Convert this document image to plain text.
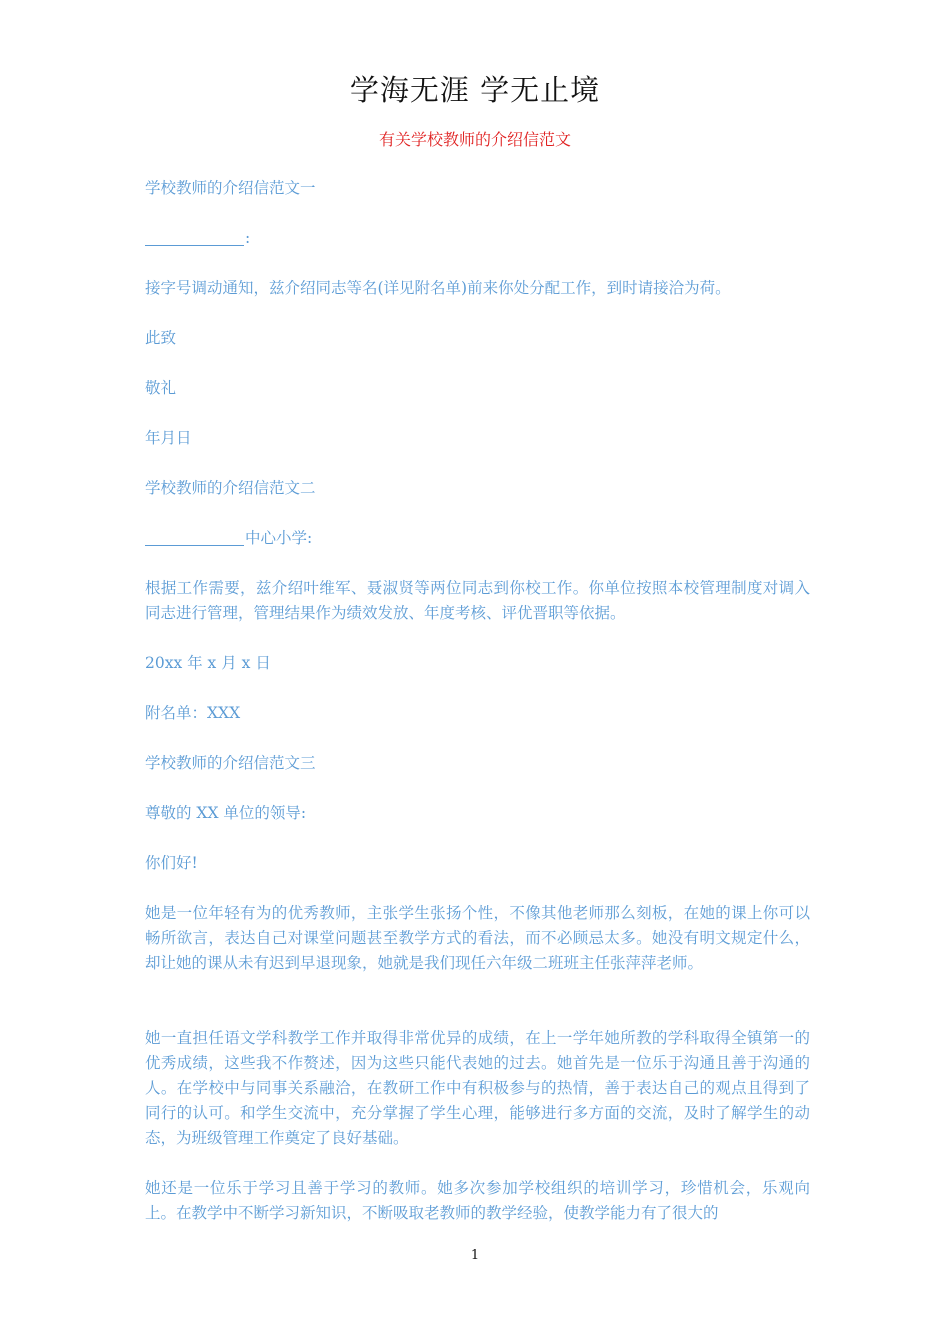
学海无涯 学无止境
有关学校教师的介绍信范文
学校教师的介绍信范文一
:
接字号调动通知，兹介绍同志等名(详见附名单)前来你处分配工作，到时请接洽为荷。
此致
敬礼
年月日
学校教师的介绍信范文二
中心小学:
根据工作需要，兹介绍叶维军、聂淑贤等两位同志到你校工作。你单位按照本校管理制度对调入同志进行管理，管理结果作为绩效发放、年度考核、评优晋职等依据。
20xx 年 x 月 x 日
附名单：XXX
学校教师的介绍信范文三
尊敬的 XX 单位的领导:
你们好!
她是一位年轻有为的优秀教师，主张学生张扬个性，不像其他老师那么刻板，在她的课上你可以畅所欲言，表达自己对课堂问题甚至教学方式的看法，而不必顾忌太多。她没有明文规定什么，却让她的课从未有迟到早退现象，她就是我们现任六年级二班班主任张萍萍老师。
她一直担任语文学科教学工作并取得非常优异的成绩，在上一学年她所教的学科取得全镇第一的优秀成绩，这些我不作赘述，因为这些只能代表她的过去。她首先是一位乐于沟通且善于沟通的人。在学校中与同事关系融洽，在教研工作中有积极参与的热情，善于表达自己的观点且得到了同行的认可。和学生交流中，充分掌握了学生心理，能够进行多方面的交流，及时了解学生的动态，为班级管理工作奠定了良好基础。
她还是一位乐于学习且善于学习的教师。她多次参加学校组织的培训学习，珍惜机会，乐观向上。在教学中不断学习新知识，不断吸取老教师的教学经验，使教学能力有了很大的
1
